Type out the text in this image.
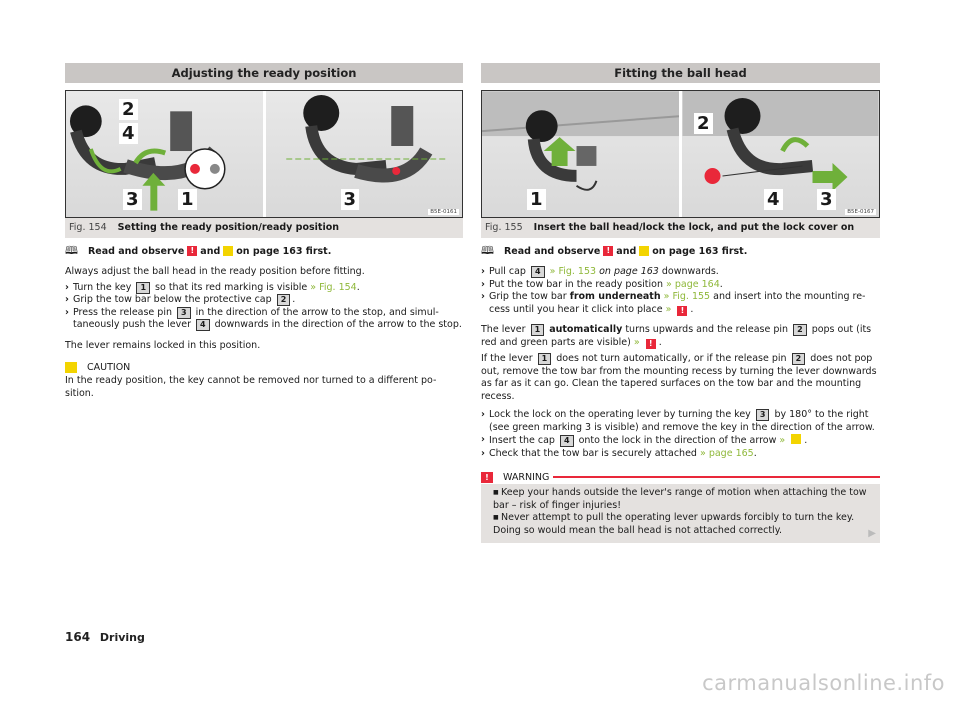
Adjusting the ready position
2
4
3 1	3
B5E-0161
Fig. 154 Setting the ready position/ready position
🕮 Read and observe ! and on page 163 first.

Always adjust the ball head in the ready position before fitting.

› Turn the key 1 so that its red marking is visible » Fig. 154.
› Grip the tow bar below the protective cap 2 .
› Press the release pin 3 in the direction of the arrow to the stop, and simul-taneously push the lever 4 downwards in the direction of the arrow to the stop.

The lever remains locked in this position.

CAUTION

In the ready position, the key cannot be removed nor turned to a different po-sition.

Fitting the ball head
1
2
4 3
B5E-0167
Fig. 155 Insert the ball head/lock the lock, and put the lock cover on
🕮 Read and observe ! and on page 163 first.
› Pull cap 4 » Fig. 153 on page 163 downwards.
› Put the tow bar in the ready position » page 164.
› Grip the tow bar from underneath » Fig. 155 and insert into the mounting re-cess until you hear it click into place » ! .

The lever 1 automatically turns upwards and the release pin 2 pops out (its red and green parts are visible) » ! .

If the lever 1 does not turn automatically, or if the release pin 2 does not pop out, remove the tow bar from the mounting recess by turning the lever downwards as far as it can go. Clean the tapered surfaces on the tow bar and the mounting recess.

› Lock the lock on the operating lever by turning the key 3 by 180° to the right (see green marking 3 is visible) and remove the key in the direction of the arrow.
› Insert the cap 4 onto the lock in the direction of the arrow » .
› Check that the tow bar is securely attached » page 165.
!	WARNING
■ Keep your hands outside the lever's range of motion when attaching the tow bar – risk of finger injuries!
■ Never attempt to pull the operating lever upwards forcibly to turn the key. Doing so would mean the ball head is not attached correctly.	▶
164 Driving
carmanualsonline.info
